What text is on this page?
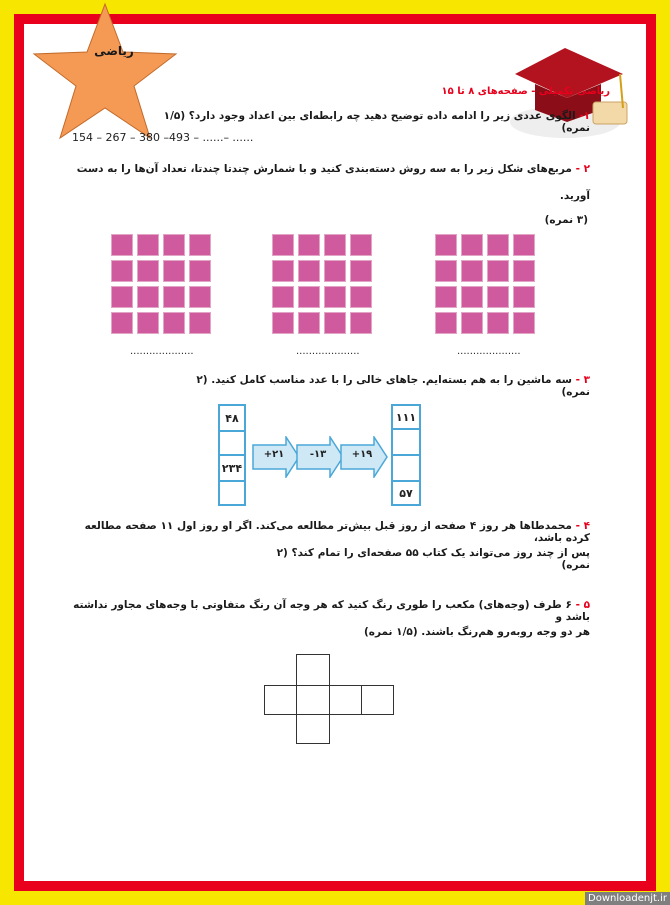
ریاضی
ریاضی تکمیلی - صفحه‌های ۸ تا ۱۵
۱- الگوی عددی زیر را ادامه داده توضیح دهید چه رابطه‌ای بین اعداد وجود دارد؟ (۱/۵ نمره)
154 – 267 – 380 –493 – ......– ......
۲ - مربع‌های شکل زیر را به سه روش دسته‌بندی کنید و با شمارش چندتا چندتا، تعداد آن‌ها را به دست
آورید.
(۳ نمره)
....................	....................	....................
۳ - سه ماشین را به هم بسته‌ایم. جاهای خالی را با عدد مناسب کامل کنید. (۲ نمره)
۴۸
۲۳۴
+۲۱	-۱۳	+۱۹
۱۱۱
۵۷
۴ - محمدطاها هر روز ۴ صفحه از روز قبل بیش‌تر مطالعه می‌کند. اگر او روز اول ۱۱ صفحه مطالعه کرده باشد،
پس از چند روز می‌تواند یک کتاب ۵۵ صفحه‌ای را تمام کند؟ (۲ نمره)
۵ - ۶ طرف (وجه‌های) مکعب را طوری رنگ کنید که هر وجه آن رنگ متفاوتی با وجه‌های مجاور نداشته باشد و
هر دو وجه روبه‌رو هم‌رنگ باشند. (۱/۵ نمره)
Downloadenjt.ir
